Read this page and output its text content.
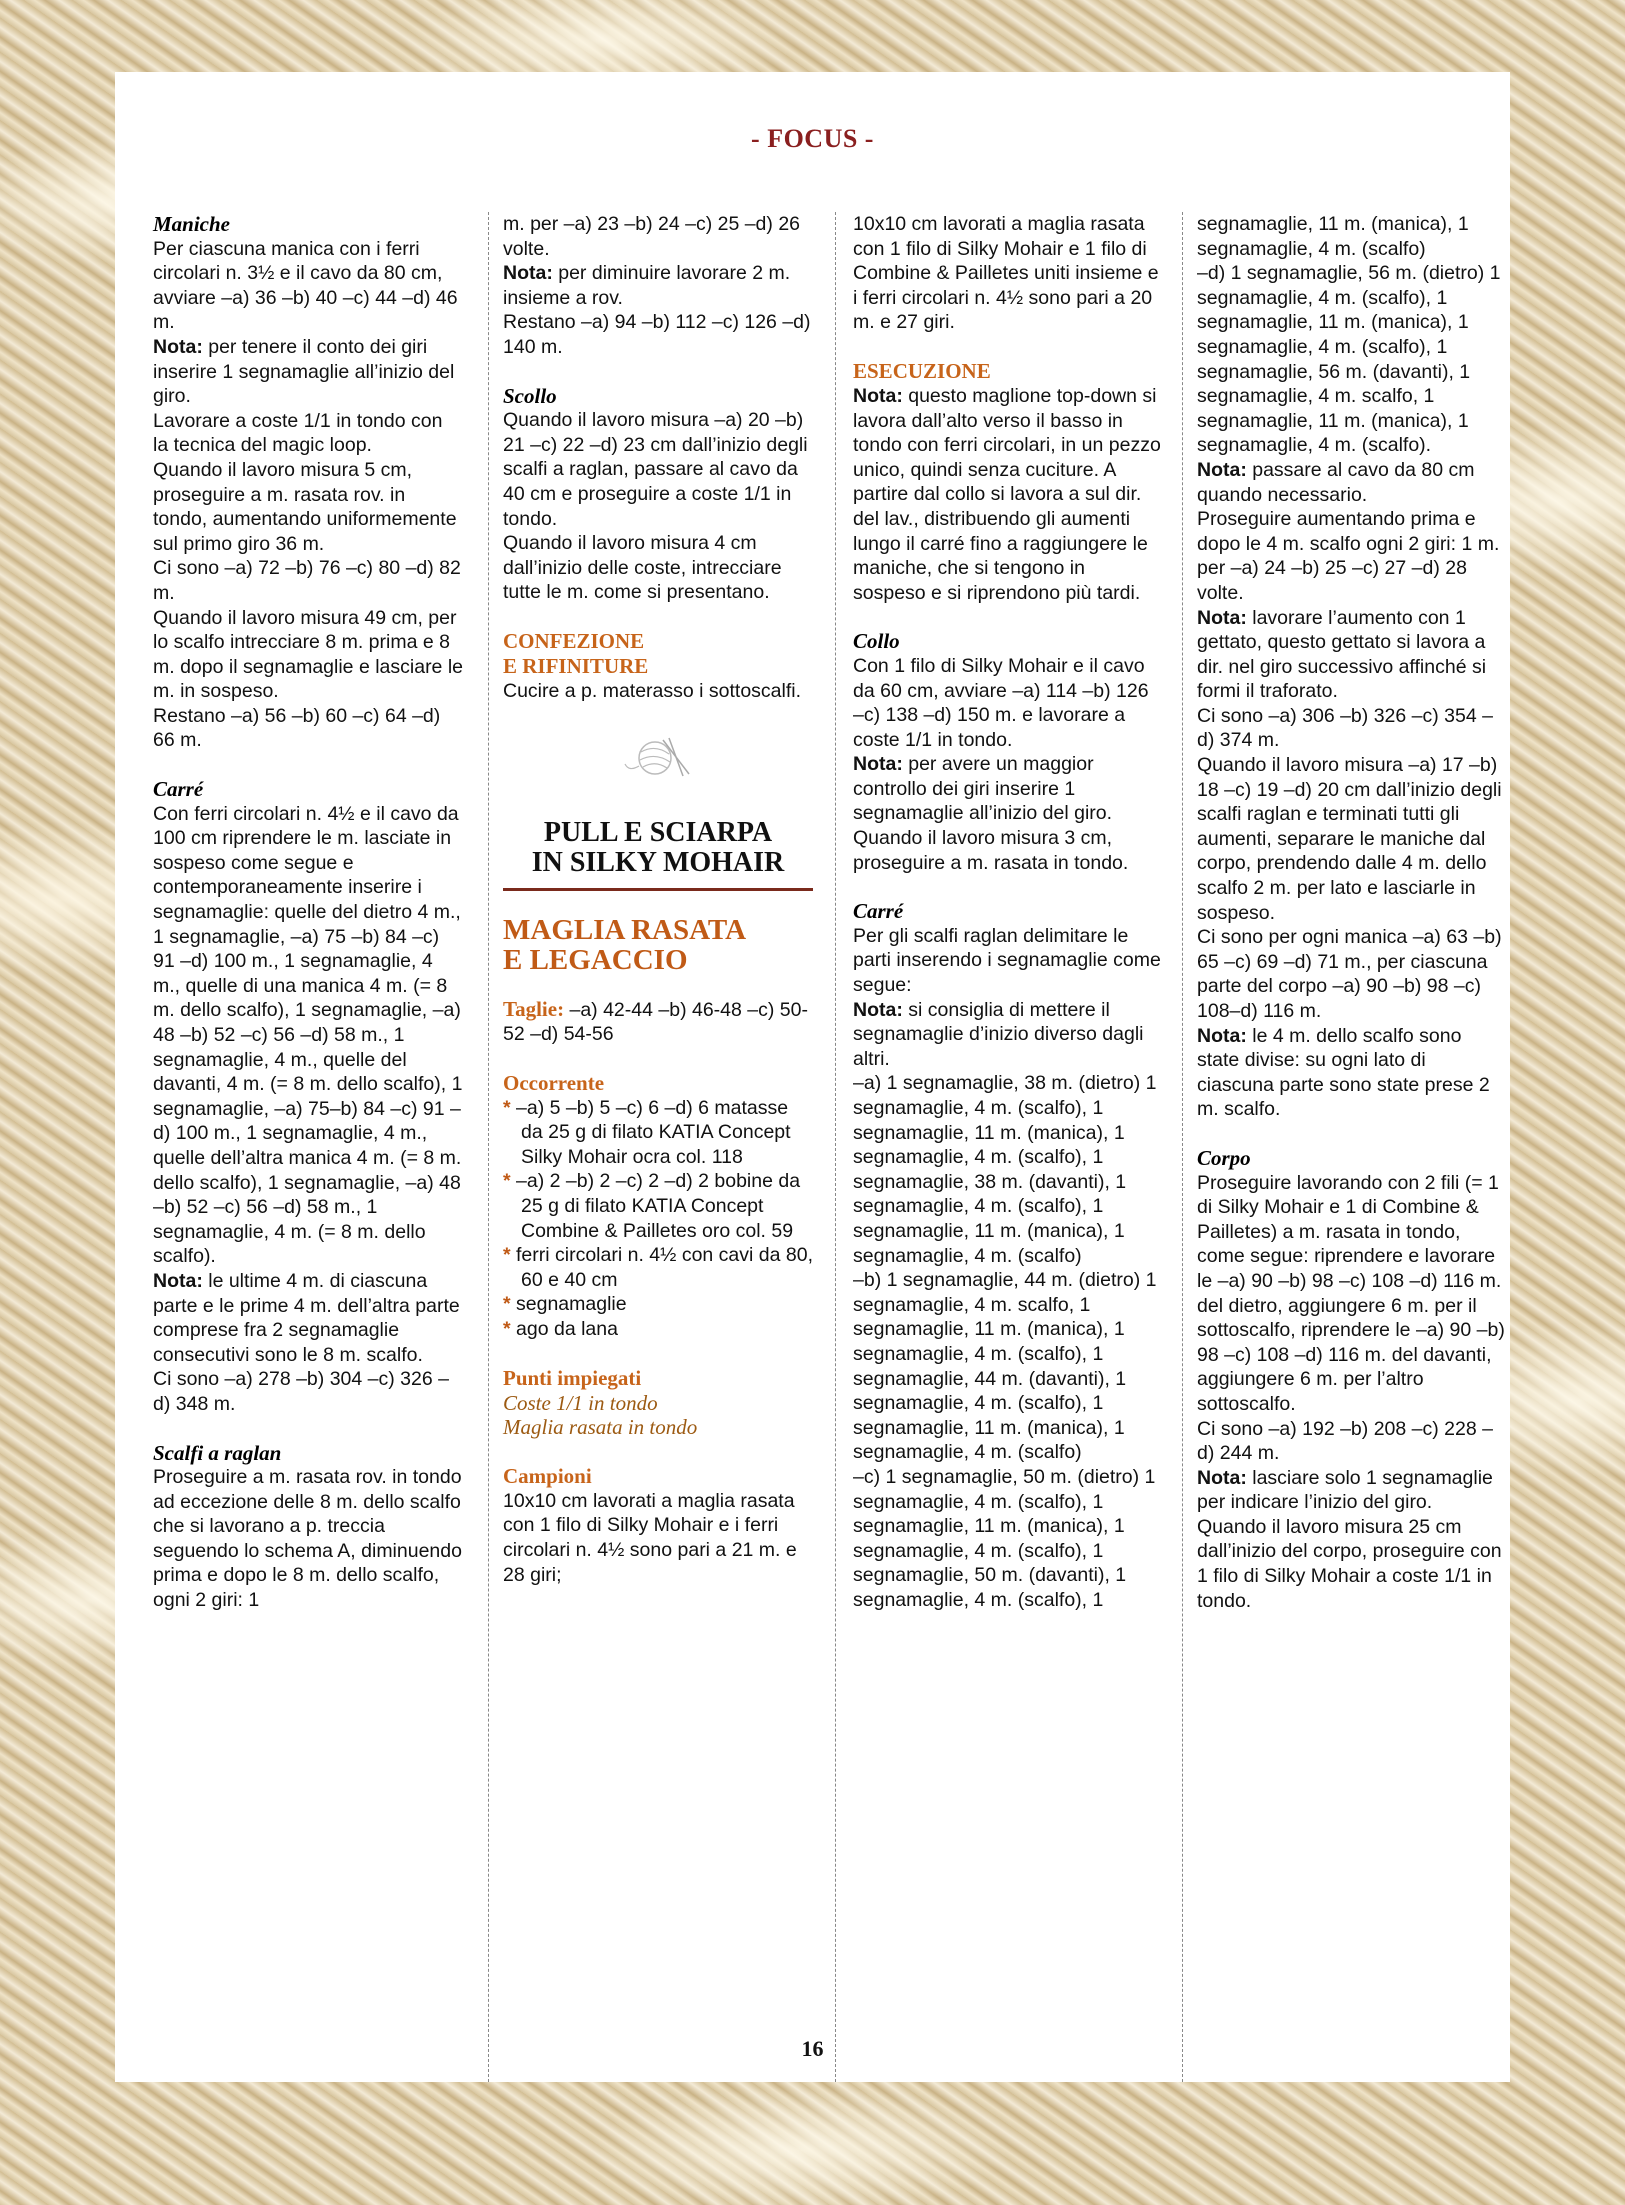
- FOCUS -

Maniche

Per ciascuna manica con i ferri circolari n. 3½ e il cavo da 80 cm, avviare –a) 36 –b) 40 –c) 44 –d) 46 m.

Nota: per tenere il conto dei giri inserire 1 segnamaglie all’inizio del giro.

Lavorare a coste 1/1 in tondo con la tecnica del magic loop.

Quando il lavoro misura 5 cm, proseguire a m. rasata rov. in tondo, aumentando uniformemente sul primo giro 36 m.

Ci sono –a) 72 –b) 76 –c) 80 –d) 82 m.

Quando il lavoro misura 49 cm, per lo scalfo intrecciare 8 m. prima e 8 m. dopo il segnamaglie e lasciare le m. in sospeso.

Restano –a) 56 –b) 60 –c) 64 –d) 66 m.

Carré

Con ferri circolari n. 4½ e il cavo da 100 cm riprendere le m. lasciate in sospeso come segue e contemporaneamente inserire i segnamaglie: quelle del dietro 4 m., 1 segnamaglie, –a) 75 –b) 84 –c) 91 –d) 100 m., 1 segnamaglie, 4 m., quelle di una manica 4 m. (= 8 m. dello scalfo), 1 segnamaglie, –a) 48 –b) 52 –c) 56 –d) 58 m., 1 segnamaglie, 4 m., quelle del davanti, 4 m. (= 8 m. dello scalfo), 1 segnamaglie, –a) 75–b) 84 –c) 91 –d) 100 m., 1 segnamaglie, 4 m., quelle dell’altra manica 4 m. (= 8 m. dello scalfo), 1 segnamaglie, –a) 48 –b) 52 –c) 56 –d) 58 m., 1 segnamaglie, 4 m. (= 8 m. dello scalfo).

Nota: le ultime 4 m. di ciascuna parte e le prime 4 m. dell’altra parte comprese fra 2 segnamaglie consecutivi sono le 8 m. scalfo.

Ci sono –a) 278 –b) 304 –c) 326 –d) 348 m.

Scalfi a raglan

Proseguire a m. rasata rov. in tondo ad eccezione delle 8 m. dello scalfo che si lavorano a p. treccia seguendo lo schema A, diminuendo prima e dopo le 8 m. dello scalfo, ogni 2 giri: 1

m. per –a) 23 –b) 24 –c) 25 –d) 26 volte.

Nota: per diminuire lavorare 2 m. insieme a rov.

Restano –a) 94 –b) 112 –c) 126 –d) 140 m.

Scollo

Quando il lavoro misura –a) 20 –b) 21 –c) 22 –d) 23 cm dall’inizio degli scalfi a raglan, passare al cavo da 40 cm e proseguire a coste 1/1 in tondo.

Quando il lavoro misura 4 cm dall’inizio delle coste, intrecciare tutte le m. come si presentano.

CONFEZIONE

E RIFINITURE

Cucire a p. materasso i sottoscalfi.

PULL E SCIARPA
IN SILKY MOHAIR
MAGLIA RASATA
E LEGACCIO

Taglie: –a) 42-44 –b) 46-48 –c) 50-52 –d) 54-56

Occorrente

* –a) 5 –b) 5 –c) 6 –d) 6 matasse da 25 g di filato KATIA Concept Silky Mohair ocra col. 118

* –a) 2 –b) 2 –c) 2 –d) 2 bobine da 25 g di filato KATIA Concept Combine & Pailletes oro col. 59

* ferri circolari n. 4½ con cavi da 80, 60 e 40 cm

* segnamaglie

* ago da lana

Punti impiegati

Coste 1/1 in tondo

Maglia rasata in tondo

Campioni

10x10 cm lavorati a maglia rasata con 1 filo di Silky Mohair e i ferri circolari n. 4½ sono pari a 21 m. e 28 giri;

10x10 cm lavorati a maglia rasata con 1 filo di Silky Mohair e 1 filo di Combine & Pailletes uniti insieme e i ferri circolari n. 4½ sono pari a 20 m. e 27 giri.

ESECUZIONE

Nota: questo maglione top-down si lavora dall’alto verso il basso in tondo con ferri circolari, in un pezzo unico, quindi senza cuciture. A partire dal collo si lavora a sul dir. del lav., distribuendo gli aumenti lungo il carré fino a raggiungere le maniche, che si tengono in sospeso e si riprendono più tardi.

Collo

Con 1 filo di Silky Mohair e il cavo da 60 cm, avviare –a) 114 –b) 126 –c) 138 –d) 150 m. e lavorare a coste 1/1 in tondo.

Nota: per avere un maggior controllo dei giri inserire 1 segnamaglie all’inizio del giro.

Quando il lavoro misura 3 cm, proseguire a m. rasata in tondo.

Carré

Per gli scalfi raglan delimitare le parti inserendo i segnamaglie come segue:

Nota: si consiglia di mettere il segnamaglie d’inizio diverso dagli altri.

–a) 1 segnamaglie, 38 m. (dietro) 1 segnamaglie, 4 m. (scalfo), 1 segnamaglie, 11 m. (manica), 1 segnamaglie, 4 m. (scalfo), 1 segnamaglie, 38 m. (davanti), 1 segnamaglie, 4 m. (scalfo), 1 segnamaglie, 11 m. (manica), 1 segnamaglie, 4 m. (scalfo)

–b) 1 segnamaglie, 44 m. (dietro) 1 segnamaglie, 4 m. scalfo, 1 segnamaglie, 11 m. (manica), 1 segnamaglie, 4 m. (scalfo), 1 segnamaglie, 44 m. (davanti), 1 segnamaglie, 4 m. (scalfo), 1 segnamaglie, 11 m. (manica), 1 segnamaglie, 4 m. (scalfo)

–c) 1 segnamaglie, 50 m. (dietro) 1 segnamaglie, 4 m. (scalfo), 1 segnamaglie, 11 m. (manica), 1 segnamaglie, 4 m. (scalfo), 1 segnamaglie, 50 m. (davanti), 1 segnamaglie, 4 m. (scalfo), 1

segnamaglie, 11 m. (manica), 1 segnamaglie, 4 m. (scalfo)

–d) 1 segnamaglie, 56 m. (dietro) 1 segnamaglie, 4 m. (scalfo), 1 segnamaglie, 11 m. (manica), 1 segnamaglie, 4 m. (scalfo), 1 segnamaglie, 56 m. (davanti), 1 segnamaglie, 4 m. scalfo, 1 segnamaglie, 11 m. (manica), 1 segnamaglie, 4 m. (scalfo).

Nota: passare al cavo da 80 cm quando necessario.

Proseguire aumentando prima e dopo le 4 m. scalfo ogni 2 giri: 1 m. per –a) 24 –b) 25 –c) 27 –d) 28 volte.

Nota: lavorare l’aumento con 1 gettato, questo gettato si lavora a dir. nel giro successivo affinché si formi il traforato.

Ci sono –a) 306 –b) 326 –c) 354 –d) 374 m.

Quando il lavoro misura –a) 17 –b) 18 –c) 19 –d) 20 cm dall’inizio degli scalfi raglan e terminati tutti gli aumenti, separare le maniche dal corpo, prendendo dalle 4 m. dello scalfo 2 m. per lato e lasciarle in sospeso.

Ci sono per ogni manica –a) 63 –b) 65 –c) 69 –d) 71 m., per ciascuna parte del corpo –a) 90 –b) 98 –c) 108–d) 116 m.

Nota: le 4 m. dello scalfo sono state divise: su ogni lato di ciascuna parte sono state prese 2 m. scalfo.

Corpo

Proseguire lavorando con 2 fili (= 1 di Silky Mohair e 1 di Combine & Pailletes) a m. rasata in tondo, come segue: riprendere e lavorare le –a) 90 –b) 98 –c) 108 –d) 116 m. del dietro, aggiungere 6 m. per il sottoscalfo, riprendere le –a) 90 –b) 98 –c) 108 –d) 116 m. del davanti, aggiungere 6 m. per l’altro sottoscalfo.

Ci sono –a) 192 –b) 208 –c) 228 –d) 244 m.

Nota: lasciare solo 1 segnamaglie per indicare l’inizio del giro.

Quando il lavoro misura 25 cm dall’inizio del corpo, proseguire con 1 filo di Silky Mohair a coste 1/1 in tondo.

16
